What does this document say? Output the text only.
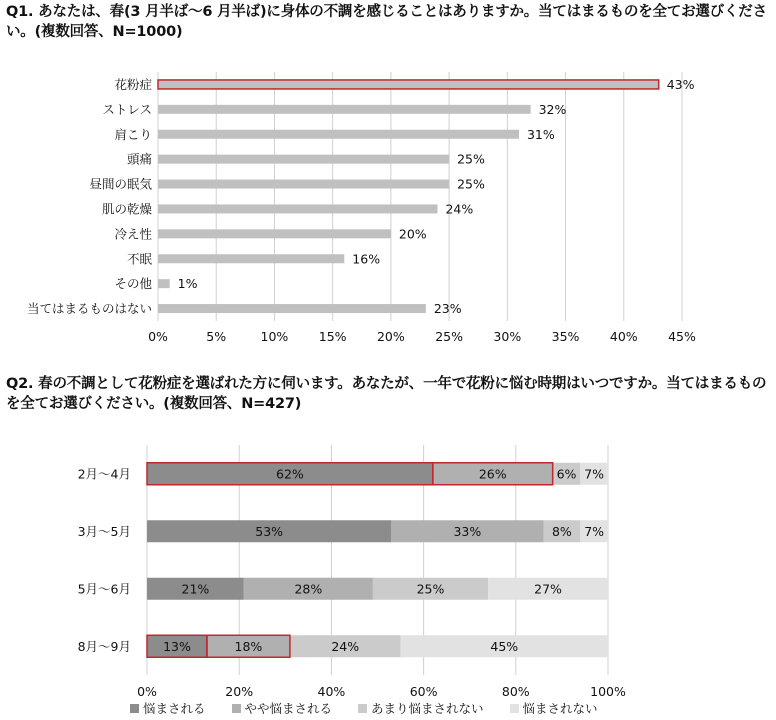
Q1. あなたは、春(3 月半ば～6 月半ば)に身体の不調を感じることはありますか。当てはまるものを全てお選びください。(複数回答、N=1000)
0%	5%	10% 15% 20% 25% 30% 35% 40% 45%
花粉症	43%
ストレス	32%
肩こり	31%
頭痛	25%
昼間の眠気	25%
肌の乾燥	24%
冷え性	20%
不眠	16%
その他 1%
当てはまるものはない	23%
Q2. 春の不調として花粉症を選ばれた方に伺います。あなたが、一年で花粉に悩む時期はいつですか。当てはまるものを全てお選びください。(複数回答、N=427)
0%	20%	40%	60%	80%	100%
2月～4月	62%	26%	6% 7%
3月～5月	53%	33%	8% 7%
5月～6月	21%	28%	25%	27%
8月～9月	13%	18%	24%	45%
悩まされる	やや悩まされる	あまり悩まされない	悩まされない
